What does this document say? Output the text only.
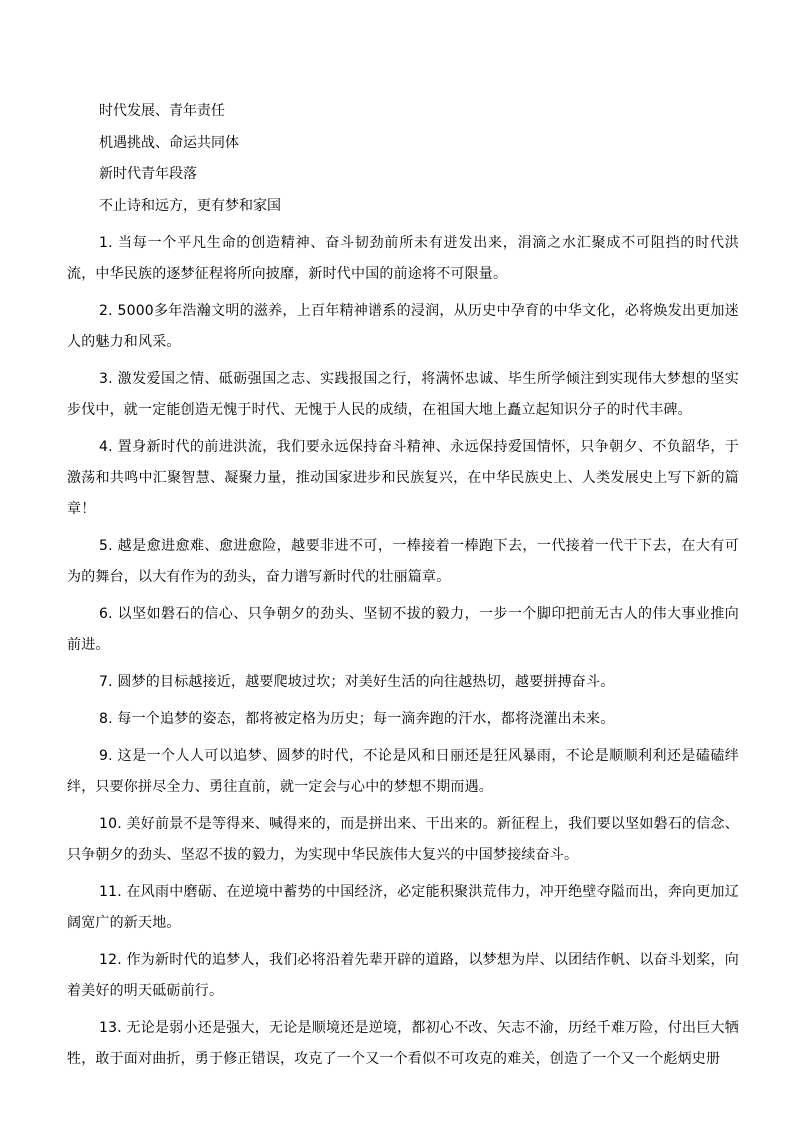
时代发展、青年责任
机遇挑战、命运共同体
新时代青年段落
不止诗和远方，更有梦和家国

1. 当每一个平凡生命的创造精神、奋斗韧劲前所未有迸发出来，涓滴之水汇聚成不可阻挡的时代洪流，中华民族的逐梦征程将所向披靡，新时代中国的前途将不可限量。

2. 5000多年浩瀚文明的滋养，上百年精神谱系的浸润，从历史中孕育的中华文化，必将焕发出更加迷人的魅力和风采。

3. 激发爱国之情、砥砺强国之志、实践报国之行，将满怀忠诚、毕生所学倾注到实现伟大梦想的坚实步伐中，就一定能创造无愧于时代、无愧于人民的成绩，在祖国大地上矗立起知识分子的时代丰碑。

4. 置身新时代的前进洪流，我们要永远保持奋斗精神、永远保持爱国情怀，只争朝夕、不负韶华，于激荡和共鸣中汇聚智慧、凝聚力量，推动国家进步和民族复兴，在中华民族史上、人类发展史上写下新的篇章！

5. 越是愈进愈难、愈进愈险，越要非进不可，一棒接着一棒跑下去，一代接着一代干下去，在大有可为的舞台，以大有作为的劲头，奋力谱写新时代的壮丽篇章。

6. 以坚如磐石的信心、只争朝夕的劲头、坚韧不拔的毅力，一步一个脚印把前无古人的伟大事业推向前进。

7. 圆梦的目标越接近，越要爬坡过坎；对美好生活的向往越热切，越要拼搏奋斗。

8. 每一个追梦的姿态，都将被定格为历史；每一滴奔跑的汗水，都将浇灌出未来。

9. 这是一个人人可以追梦、圆梦的时代，不论是风和日丽还是狂风暴雨，不论是顺顺利利还是磕磕绊绊，只要你拼尽全力、勇往直前，就一定会与心中的梦想不期而遇。

10. 美好前景不是等得来、喊得来的，而是拼出来、干出来的。新征程上，我们要以坚如磐石的信念、只争朝夕的劲头、坚忍不拔的毅力，为实现中华民族伟大复兴的中国梦接续奋斗。

11. 在风雨中磨砺、在逆境中蓄势的中国经济，必定能积聚洪荒伟力，冲开绝壁夺隘而出，奔向更加辽阔宽广的新天地。

12. 作为新时代的追梦人，我们必将沿着先辈开辟的道路，以梦想为岸、以团结作帆、以奋斗划桨，向着美好的明天砥砺前行。

13. 无论是弱小还是强大，无论是顺境还是逆境，都初心不改、矢志不渝，历经千难万险，付出巨大牺牲，敢于面对曲折，勇于修正错误，攻克了一个又一个看似不可攻克的难关，创造了一个又一个彪炳史册
